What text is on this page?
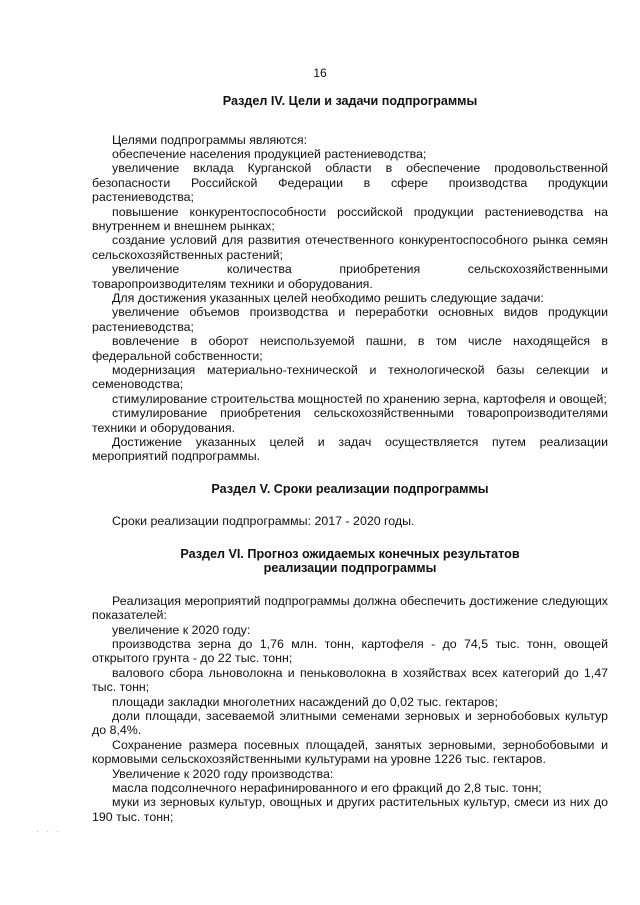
16
Раздел IV. Цели и задачи подпрограммы

Целями подпрограммы являются:

обеспечение населения продукцией растениеводства;

увеличение вклада Курганской области в обеспечение продовольственной безопасности Российской Федерации в сфере производства продукции растениеводства;

повышение конкурентоспособности российской продукции растениеводства на внутреннем и внешнем рынках;

создание условий для развития отечественного конкурентоспособного рынка семян сельскохозяйственных растений;

увеличение количества приобретения сельскохозяйственными товаропроизводителям техники и оборудования.

Для достижения указанных целей необходимо решить следующие задачи:

увеличение объемов производства и переработки основных видов продукции растениеводства;

вовлечение в оборот неиспользуемой пашни, в том числе находящейся в федеральной собственности;

модернизация материально-технической и технологической базы селекции и семеноводства;

стимулирование строительства мощностей по хранению зерна, картофеля и овощей;

стимулирование приобретения сельскохозяйственными товаропроизводителями техники и оборудования.

Достижение указанных целей и задач осуществляется путем реализации мероприятий подпрограммы.

Раздел V. Сроки реализации подпрограммы

Сроки реализации подпрограммы: 2017 - 2020 годы.

Раздел VI. Прогноз ожидаемых конечных результатов
реализации подпрограммы

Реализация мероприятий подпрограммы должна обеспечить достижение следующих показателей:

увеличение к 2020 году:

производства зерна до 1,76 млн. тонн, картофеля - до 74,5 тыс. тонн, овощей открытого грунта - до 22 тыс. тонн;

валового сбора льноволокна и пеньковолокна в хозяйствах всех категорий до 1,47 тыс. тонн;

площади закладки многолетних насаждений до 0,02 тыс. гектаров;

доли площади, засеваемой элитными семенами зерновых и зернобобовых культур до 8,4%.

Сохранение размера посевных площадей, занятых зерновыми, зернобобовыми и кормовыми сельскохозяйственными культурами на уровне 1226 тыс. гектаров.

Увеличение к 2020 году производства:

масла подсолнечного нерафинированного и его фракций до 2,8 тыс. тонн;

муки из зерновых культур, овощных и других растительных культур, смеси из них до 190 тыс. тонн;

· · ·
